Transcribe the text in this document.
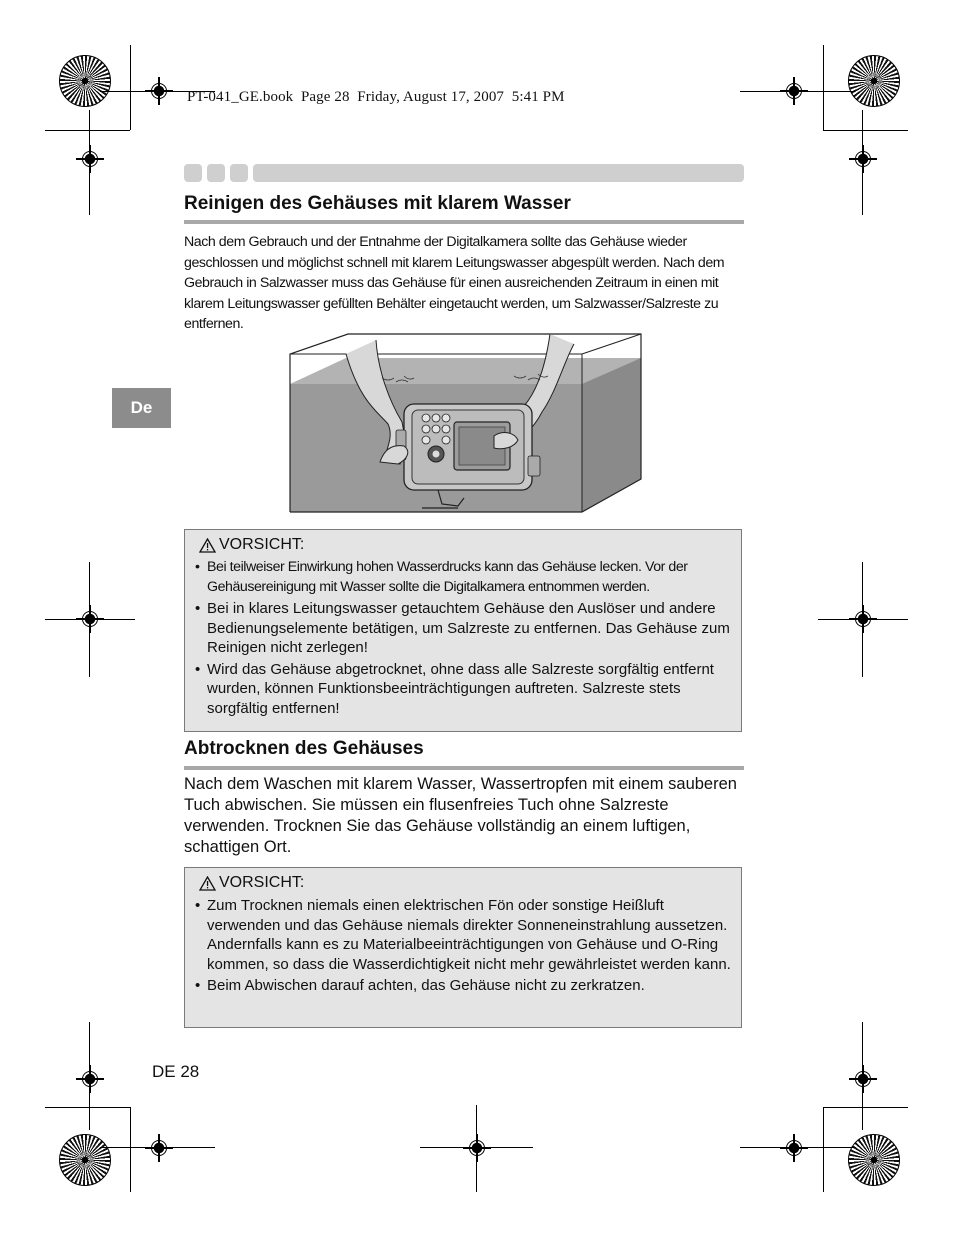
PT-041_GE.book  Page 28  Friday, August 17, 2007  5:41 PM
De
Reinigen des Gehäuses mit klarem Wasser
Nach dem Gebrauch und der Entnahme der Digitalkamera sollte das Gehäuse wieder geschlossen und möglichst schnell mit klarem Leitungswasser abgespült werden. Nach dem Gebrauch in Salzwasser muss das Gehäuse für einen ausreichenden Zeitraum in einen mit klarem Leitungswasser gefüllten Behälter eingetaucht werden, um Salzwasser/Salzreste zu entfernen.
VORSICHT:
• Bei teilweiser Einwirkung hohen Wasserdrucks kann das Gehäuse lecken. Vor der Gehäusereinigung mit Wasser sollte die Digitalkamera entnommen werden.
• Bei in klares Leitungswasser getauchtem Gehäuse den Auslöser und andere Bedienungselemente betätigen, um Salzreste zu entfernen. Das Gehäuse zum Reinigen nicht zerlegen!
• Wird das Gehäuse abgetrocknet, ohne dass alle Salzreste sorgfältig entfernt wurden, können Funktionsbeeinträchtigungen auftreten. Salzreste stets sorgfältig entfernen!
Abtrocknen des Gehäuses
Nach dem Waschen mit klarem Wasser, Wassertropfen mit einem sauberen Tuch abwischen. Sie müssen ein flusenfreies Tuch ohne Salzreste verwenden. Trocknen Sie das Gehäuse vollständig an einem luftigen, schattigen Ort.
VORSICHT:
• Zum Trocknen niemals einen elektrischen Fön oder sonstige Heißluft verwenden und das Gehäuse niemals direkter Sonneneinstrahlung aussetzen. Andernfalls kann es zu Materialbeeinträchtigungen von Gehäuse und O-Ring kommen, so dass die Wasserdichtigkeit nicht mehr gewährleistet werden kann.
• Beim Abwischen darauf achten, das Gehäuse nicht zu zerkratzen.
DE 28
